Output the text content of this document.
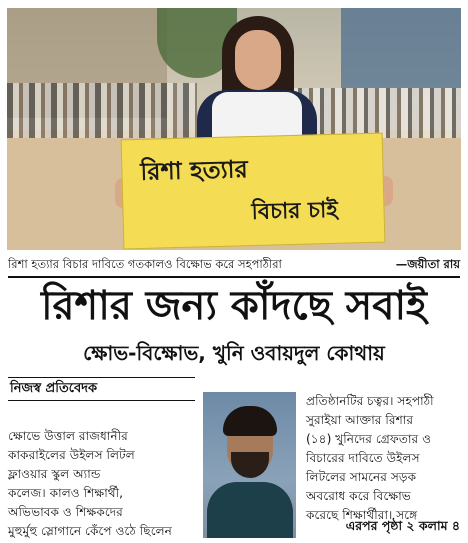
রিশা হত্যার
বিচার চাই
রিশা হত্যার বিচার দাবিতে গতকালও বিক্ষোভ করে সহপাঠীরা	—জয়ীতা রায়
রিশার জন্য কাঁদছে সবাই
ক্ষোভ-বিক্ষোভ, খুনি ওবায়দুল কোথায়
নিজস্ব প্রতিবেদক
ক্ষোভে উত্তাল রাজধানীর
কাকরাইলের উইলস লিটল
ফ্লাওয়ার স্কুল অ্যান্ড
কলেজ। কালও শিক্ষার্থী,
অভিভাবক ও শিক্ষকদের
মুহুর্মুহু স্লোগানে কেঁপে ওঠে ছিলেন
প্রতিষ্ঠানটির চত্বর। সহপাঠী
সুরাইয়া আক্তার রিশার
(১৪) খুনিদের গ্রেফতার ও
বিচারের দাবিতে উইলস
লিটলের সামনের সড়ক
অবরোধ করে বিক্ষোভ
করেছে শিক্ষার্থীরা। সঙ্গে
এরপর পৃষ্ঠা ২ কলাম ৪
